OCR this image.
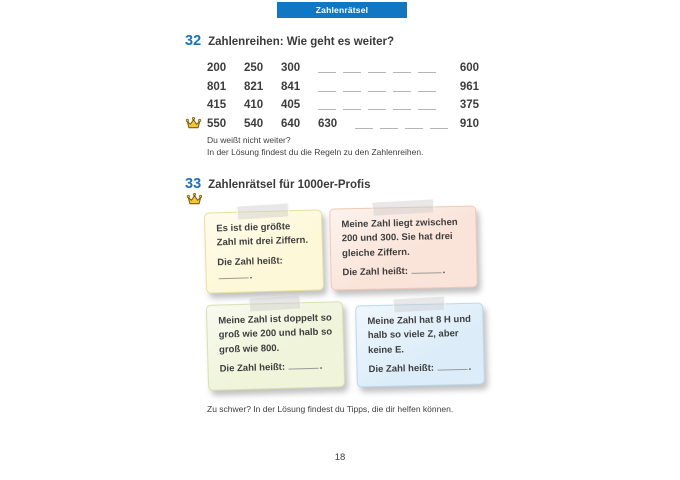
Zahlenrätsel
32 Zahlenreihen: Wie geht es weiter?
200	250	300	600
801	821	841	961
415	410	405	375
550	540	640	630	910
Du weißt nicht weiter?
In der Lösung findest du die Regeln zu den Zahlenreihen.
33 Zahlenrätsel für 1000er-Profis
Es ist die größte Zahl mit drei Ziffern.
Die Zahl heißt: .
Meine Zahl liegt zwischen 200 und 300. Sie hat drei gleiche Ziffern.
Die Zahl heißt:	.
Meine Zahl ist doppelt so groß wie 200 und halb so groß wie 800.
Die Zahl heißt:	.
Meine Zahl hat 8 H und halb so viele Z, aber keine E.
Die Zahl heißt:	.
Zu schwer? In der Lösung findest du Tipps, die dir helfen können.
18
